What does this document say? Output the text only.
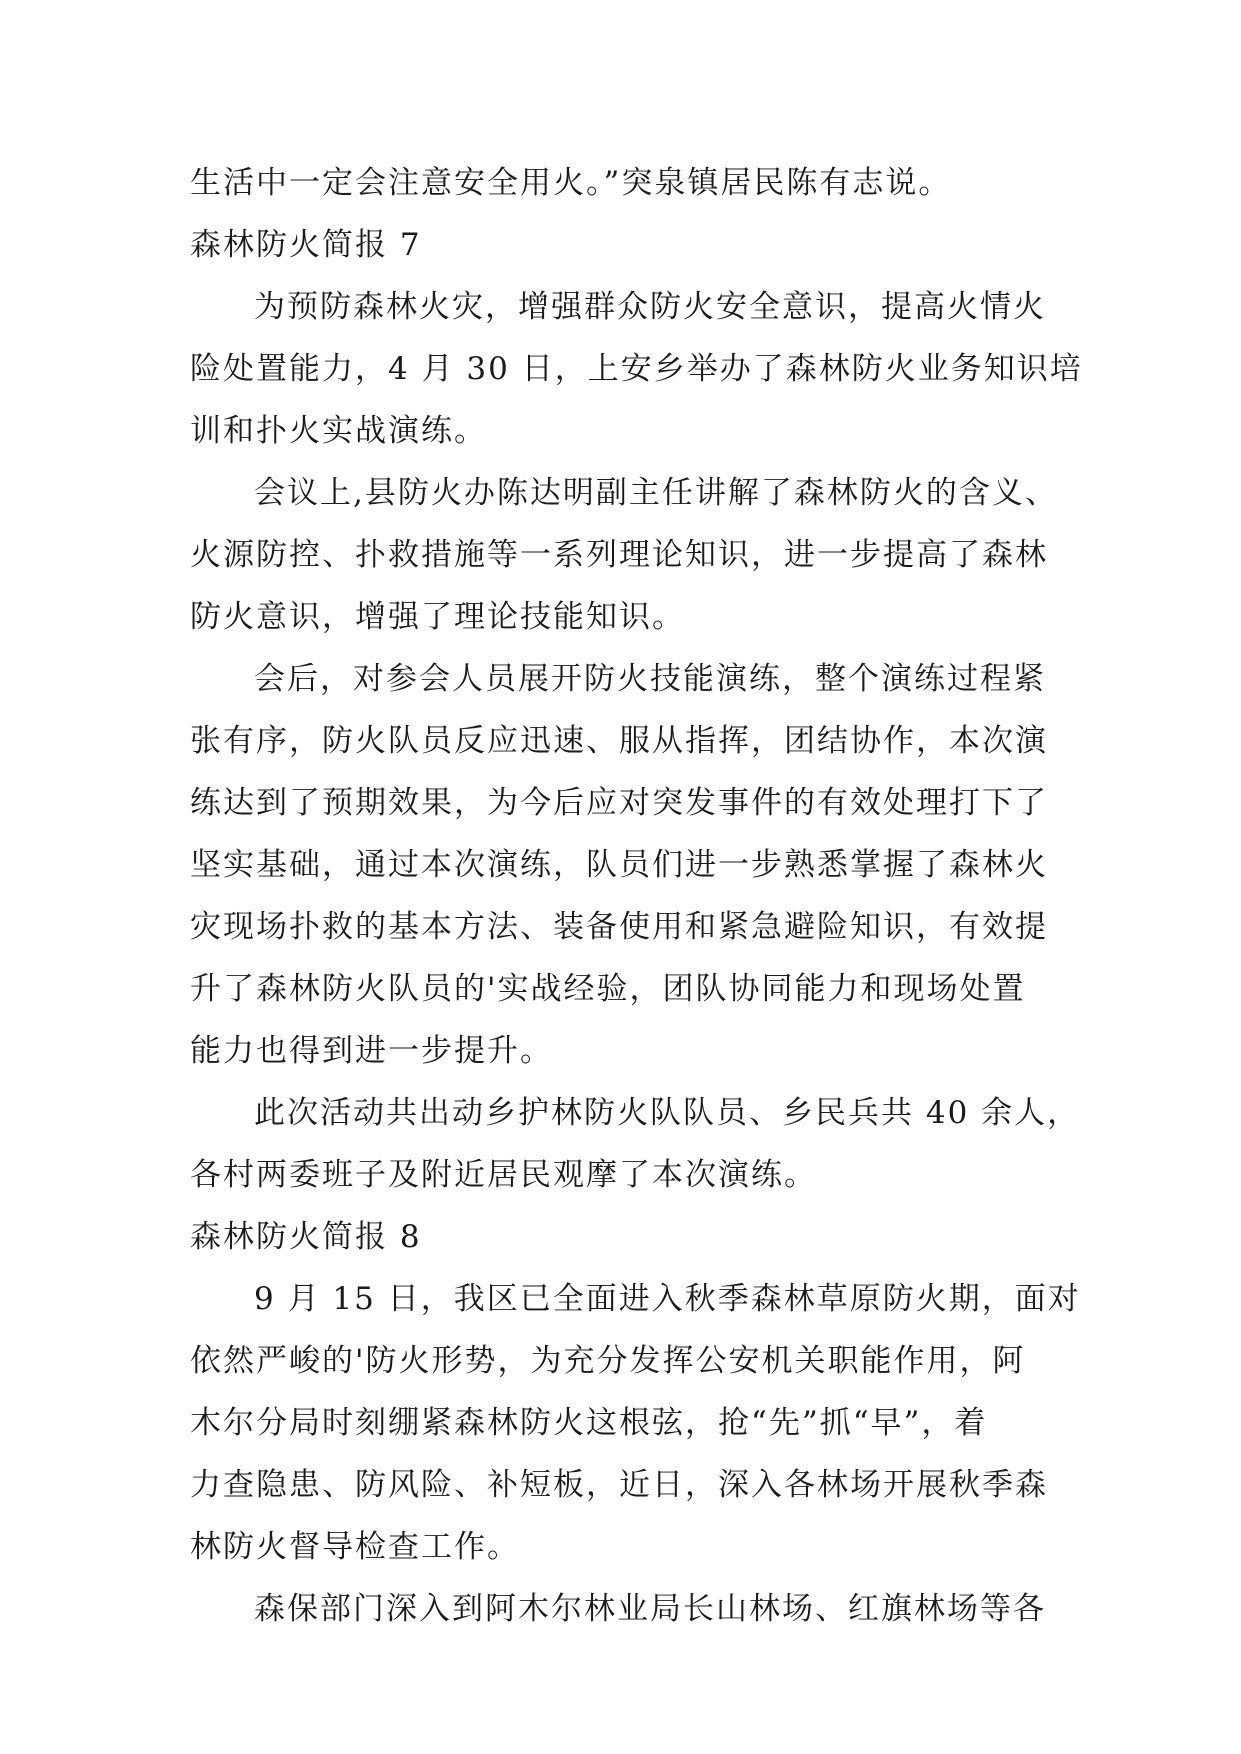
生活中一定会注意安全用火。”突泉镇居民陈有志说。
森林防火简报 7
为预防森林火灾，增强群众防火安全意识，提高火情火
险处置能力，4 月 30 日，上安乡举办了森林防火业务知识培
训和扑火实战演练。
会议上,县防火办陈达明副主任讲解了森林防火的含义、
火源防控、扑救措施等一系列理论知识，进一步提高了森林
防火意识，增强了理论技能知识。
会后，对参会人员展开防火技能演练，整个演练过程紧
张有序，防火队员反应迅速、服从指挥，团结协作，本次演
练达到了预期效果，为今后应对突发事件的有效处理打下了
坚实基础，通过本次演练，队员们进一步熟悉掌握了森林火
灾现场扑救的基本方法、装备使用和紧急避险知识，有效提
升了森林防火队员的'实战经验，团队协同能力和现场处置
能力也得到进一步提升。
此次活动共出动乡护林防火队队员、乡民兵共 40 余人，
各村两委班子及附近居民观摩了本次演练。
森林防火简报 8
9 月 15 日，我区已全面进入秋季森林草原防火期，面对
依然严峻的'防火形势，为充分发挥公安机关职能作用，阿
木尔分局时刻绷紧森林防火这根弦，抢“先”抓“早”，着
力查隐患、防风险、补短板，近日，深入各林场开展秋季森
林防火督导检查工作。
森保部门深入到阿木尔林业局长山林场、红旗林场等各
